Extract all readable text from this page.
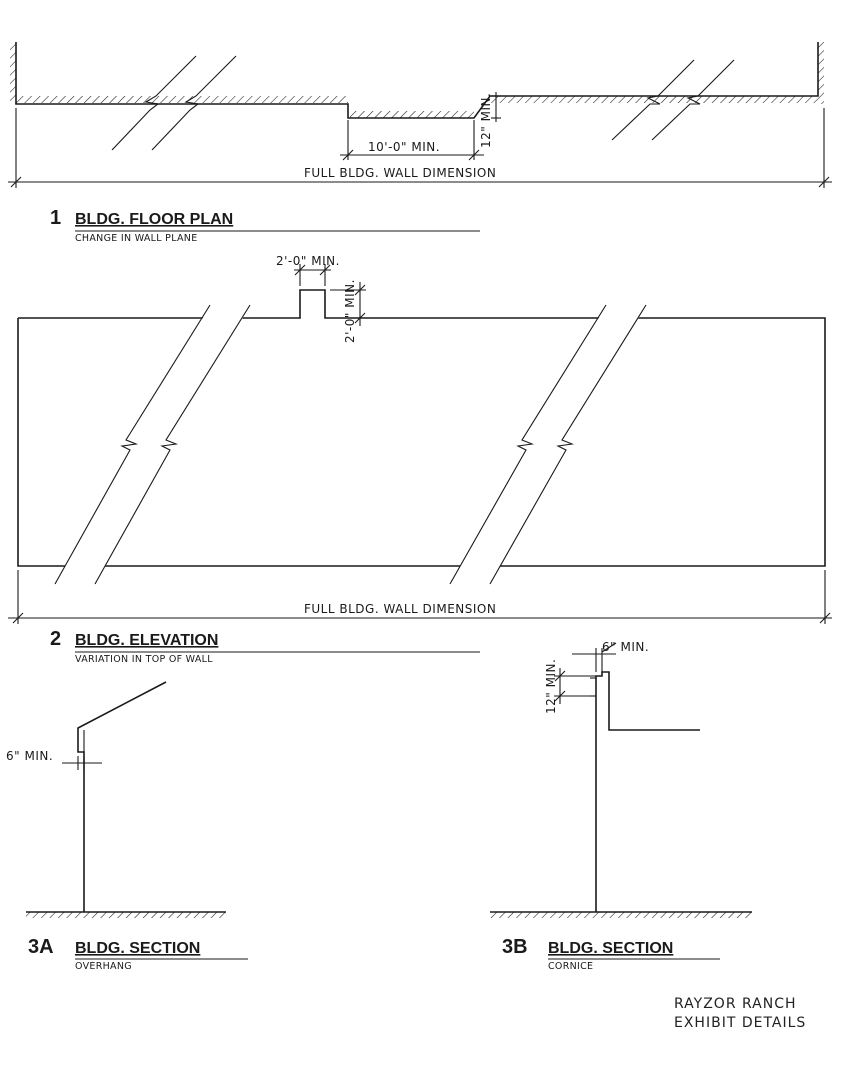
10'-0" MIN.	12" MIN.
FULL BLDG. WALL DIMENSION
1 BLDG. FLOOR PLAN
CHANGE IN WALL PLANE
2'-0" MIN.
2'-0" MIN.
FULL BLDG. WALL DIMENSION
2 BLDG. ELEVATION
VARIATION IN TOP OF WALL
6" MIN.
3A BLDG. SECTION
OVERHANG
6" MIN.
12" MIN.
3B BLDG. SECTION
CORNICE
RAYZOR RANCH
EXHIBIT DETAILS
